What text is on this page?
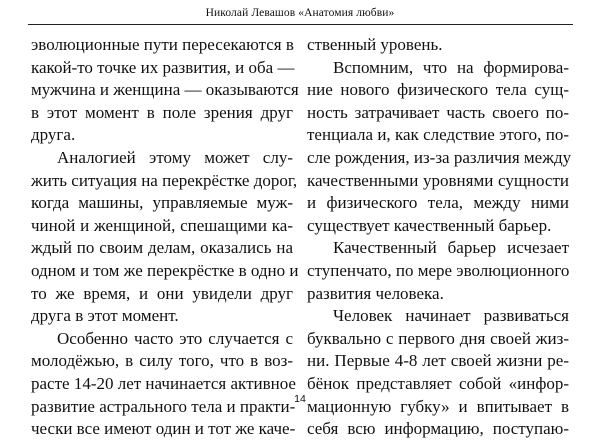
Николай Левашов «Анатомия любви»
эволюционные пути пересекаются в
какой-то точке их развития, и оба —
мужчина и женщина — оказываются
в этот момент в поле зрения друг
друга.
Аналогией этому может слу-
жить ситуация на перекрёстке дорог,
когда машины, управляемые муж-
чиной и женщиной, спешащими ка-
ждый по своим делам, оказались на
одном и том же перекрёстке в одно и
то же время, и они увидели друг
друга в этот момент.
Особенно часто это случается с
молодёжью, в силу того, что в воз-
расте 14-20 лет начинается активное
развитие астрального тела и практи-
чески все имеют один и тот же каче-
ственный уровень.
Вспомним, что на формирова-
ние нового физического тела сущ-
ность затрачивает часть своего по-
тенциала и, как следствие этого, по-
сле рождения, из-за различия между
качественными уровнями сущности
и физического тела, между ними
существует качественный барьер.
Качественный барьер исчезает
ступенчато, по мере эволюционного
развития человека.
Человек начинает развиваться
буквально с первого дня своей жиз-
ни. Первые 4-8 лет своей жизни ре-
бёнок представляет собой «инфор-
мационную губку» и впитывает в
себя всю информацию, поступаю-
14
